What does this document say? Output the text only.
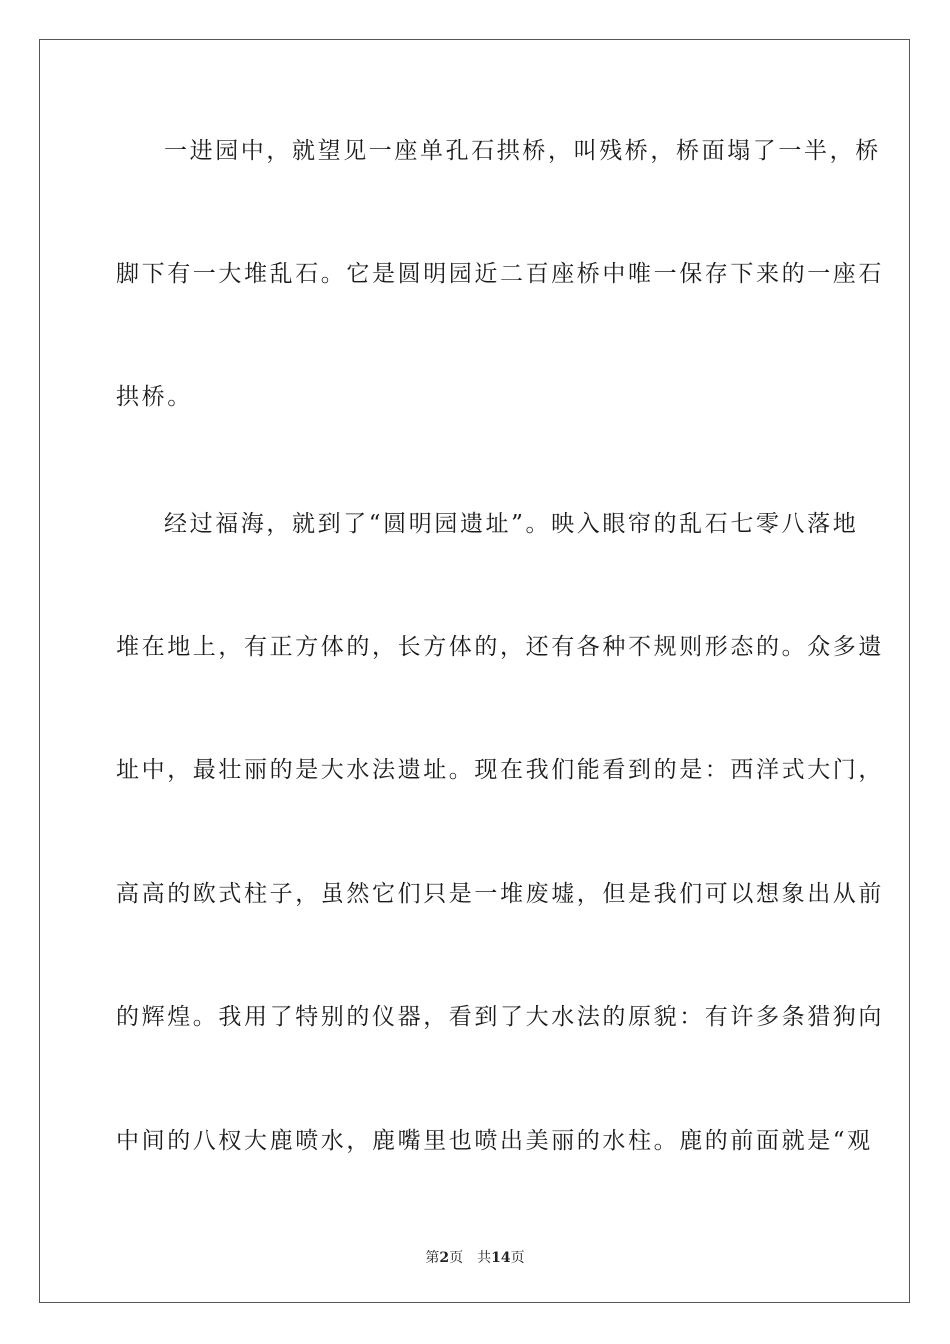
一进园中，就望见一座单孔石拱桥，叫残桥，桥面塌了一半，桥
脚下有一大堆乱石。它是圆明园近二百座桥中唯一保存下来的一座石
拱桥。
经过福海，就到了“圆明园遗址”。映入眼帘的乱石七零八落地
堆在地上，有正方体的，长方体的，还有各种不规则形态的。众多遗
址中，最壮丽的是大水法遗址。现在我们能看到的是：西洋式大门，
高高的欧式柱子，虽然它们只是一堆废墟，但是我们可以想象出从前
的辉煌。我用了特别的仪器，看到了大水法的原貌：有许多条猎狗向
中间的八杈大鹿喷水，鹿嘴里也喷出美丽的水柱。鹿的前面就是“观
第2页 共14页
